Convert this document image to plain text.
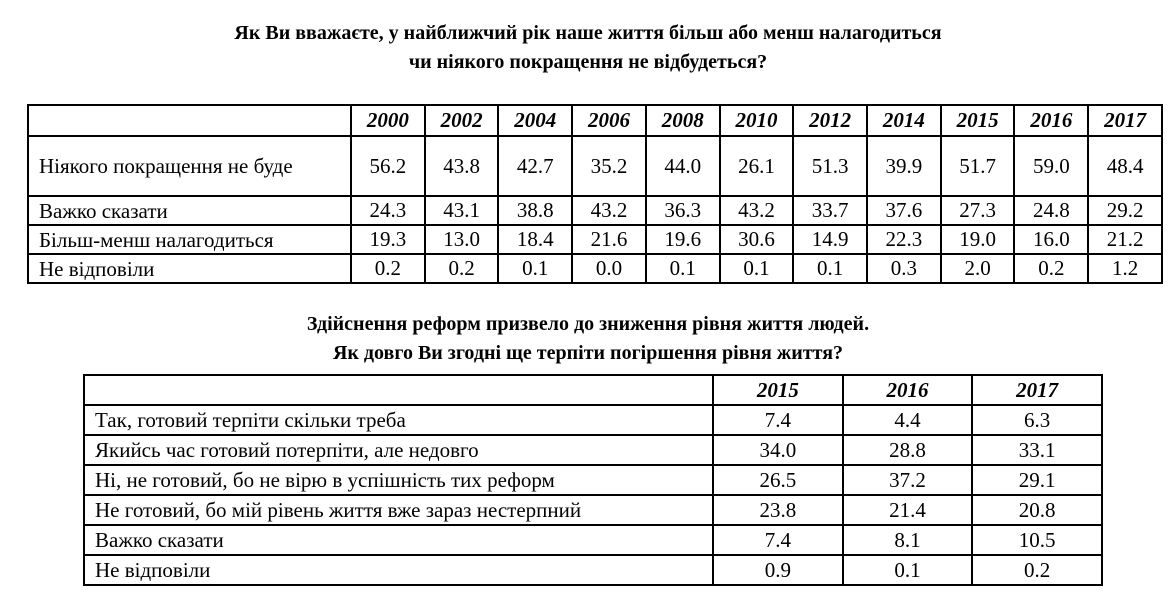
Як Ви вважаєте, у найближчий рік наше життя більш або менш налагодиться
чи ніякого покращення не відбудеться?
	2000	2002	2004	2006	2008	2010	2012	2014	2015	2016	2017
Ніякого покращення не буде	56.2	43.8	42.7	35.2	44.0	26.1	51.3	39.9	51.7	59.0	48.4
Важко сказати	24.3	43.1	38.8	43.2	36.3	43.2	33.7	37.6	27.3	24.8	29.2
Більш-менш налагодиться	19.3	13.0	18.4	21.6	19.6	30.6	14.9	22.3	19.0	16.0	21.2
Не відповіли	0.2	0.2	0.1	0.0	0.1	0.1	0.1	0.3	2.0	0.2	1.2
Здійснення реформ призвело до зниження рівня життя людей.
Як довго Ви згодні ще терпіти погіршення рівня життя?
	2015	2016	2017
Так, готовий терпіти скільки треба	7.4	4.4	6.3
Якийсь час готовий потерпіти, але недовго	34.0	28.8	33.1
Ні, не готовий, бо не вірю в успішність тих реформ	26.5	37.2	29.1
Не готовий, бо мій рівень життя вже зараз нестерпний	23.8	21.4	20.8
Важко сказати	7.4	8.1	10.5
Не відповіли	0.9	0.1	0.2
